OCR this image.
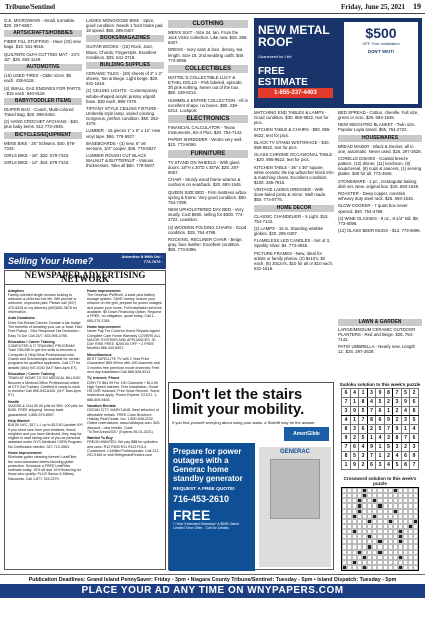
Tribune/Sentinel	Friday, June 25, 2021 19

G.E. MICROWAVE - Small, turntable. $20. 297-6557.

ARTS/CRAFTS/HOBBIES

FIBER FILL STUFFING - Have (20) new bags. $10. 531-9616.

QUILTERS OLFA CUTTING MAT - 24"x 18", $25. 693-1148.

AUTOMOTIVE

(16) USED TIRES - Older sizes. $5 each. 438-9118.

(4) SMALL GAS ENGINES FOR PARTS - $15 each. 840-9118.

BABY/TODDLER ITEMS

DIAPER BAG - Coach, Multi-colored Travel Bag. $20. 998-5452.

(2) HAND CROCHET AFGHANS - $40, plus baby items. 512 773-4945.

BICYCLES/EQUIPMENT

MENS BIKE - 26" Schwinn. $40. 579-7343.

GIRLS BIKE - 16". $20. 579-7343.

GIRLS BIKE - 12". $15. 579-7343.

LADIES MONGOOSE BIKE - Spire, good condition. Needs 1 front brake pad. 18 speed. $50. 285-0407.

BOOKS/MAGAZINES

GUITAR BOOKS - (15) Rock, Jazz, Blues, Chords, Fingerstyle. Excellent Condition. $25. 541-3718.

BUILDING SUPPLIES

CERAMIC TILES - (20) sheets of 2" x 2" sheets, Tan & Biege. Light beige. $20. 531-1616.

(2) CEILING LIGHTS - Contemporary w/tube-shaped acrylic prismy w/gold base. $30 each. 998-7479.

TIFFANY STYLE CEILING FIXTURE - Umbrella style lamp, varied coloring. Gorgeous, perfect condition. $50. 262-4276.

LUMBER - 16 pieces 1" x 6" x 12', new vinyl tape. $96. 778-5927.

BASEBOARDS - (3) new, 6" x6' sections, 3/4" cooper. $45. 778-5927.

LUMBER ROUGH CUT BLACK WALNUT & BUTTERNUT - Various thicknesses. Take all $50. 778-5927.

CLOTHING

MEN'S SUIT - Size 34, tan. From the Jack Victor collection. Like new. $25. 285-6407.

DRESS - Ivory satin & lace, dressy, tea length. Size 18, 2nd wedding outfit. $40. 773-6096.

COLLECTIBLES

MATTEL'S COLLECTIBLE LUCY & ETHEL DOLLS - Pink labeled, episode. 3ft pink nothing. Never out of the box. $80. 239-0214.

HUMMELS ENTIRE COLLECTION - All in excellent shape, no boxes. $80. 239-0214. Lockport.

ELECTRONICS

FINANCIAL CALCULATOR - Texas Instruments, BA II Plus. $20. 754-7142.

PAPER SHREDDER - Works very well. $10. 773-6096.

FURNITURE

TV STAND ON WHEELS - With glass doors. 18"H x 20"D x 35"W. $25. 297-6557.

CHAIR - Sturdy wood frame w/arms & cushions on seat/back. $20. 693-1545.

QUEEN SIZE BED - Firm mattress w/box spring & frame. Very good condition. $50. 754-7399.

NEW UPHOLSTERED DAY BED - Very sturdy. Cost $600, selling for $300. 774-2722. Lewiston.

(4) WOODEN FOLDING CHAIRS - Good condition. $25. 754-4798.

ROCKING, RECLINER CHAIR - Beige, gray, faux leather. Excellent condition. $50. 773-6396.

NEW METAL ROOF
Guaranteed for Life!
FREE ESTIMATE
1-855-237-4403
$500
OFF Your Installation
DON'T WAIT!

MATCHING END TABLES & LAMPS - Good condition. $30. 955-9622, text for pics.

KITCHEN TABLE & CHAIRS - $90. 955-9622, text for pics.

BLACK TV STAND W/STORAGE - $40. 955-9622, text for pics.

GLASS CHROME OCCASIONAL TABLE - $20. 955-9622, text for pics.

KITCHEN TABLE - 36" x 36" square, white ceramic tile top w/butcher block trim & matching chairs. Excellent condition. $100. 285-7916.

VINTAGE LADIES DRESSER - With dove-tailed joints & mirror. Well made. $50. 774-8776.

HOME DECOR

CLASSIC CHANDELIER - 5 Light. $15. 754-7142.

(2) LAMPS - 15 in. Standing w/white globes. $20. 285-0407.

FLAMELESS LED CANDLES - Set of 3, Sparkly silver. $4. 773-4945.

PICTURE FRAMES - New, Ideal for artists or family photos. (2) 8x10's, $2 each, (6) 20x24's, $10 for all or $10 each. 531-1616.

BED SPREAD - Cotton, chenille. Full size, green or ecru. $25. 693-1545.

NEW WEIGHTED BLANKET - Twin size. Popular Layla brand. $65. 754-2722.

HOUSEWARES

BREAD MAKER - Black & Decker, all in one, automatic. Never used. $25. 297-2628.

CORELLE DISHES - Coastal breeze pattern. (12) dinner, (11) luncheon, (8) soup/cereal, (8) cups & saucers, (1) serving platter. $40 for all. 773-4945.

STONEWARE - 2 pc., rectangular baking dish set. New, original box. $15. 693-1545.

ROASTER - Deep copper, nonstick w/heavy duty steel rack. $25. 693-1545.

SLOW COOKER - 7 quart box never opened. $40. 754-4798.

(4) WINE GLASSES - 8 oz., 8-1/4" tall. $8. 773-6096.

(12) GLASS BEER MUGS - $12. 773-6096.

LAWN & GARDEN

LARGE/MEDIUM CERAMIC OUTDOOR PLANTERS - Red and Beige. $25. 754-7142.

PATIO UMBRELLA - Nearly new, Length 11'. $25. 297-2628.

Selling Your Home?	Advertise It With Us! · 773-7676 ·
NEWSPAPER ADVERTISING NETWORK
Adoption
Family-oriented single woman looking to welcome a child into her life. Will provide a welcome, expenses paid. Please call (347) 470-5228 or my attorney (800)582-3678 for information.
Auto Donations
Drive Out Breast Cancer: Donate a car today! The benefits of donating your car or boat: Fast Free Pickup - 24hr Response Tax Deduction - Easy To Do! Call 24/7: 833-905-4755.
Education / Career Training
COMPUTER & IT TRAINING PROGRAM! Train ONLINE to get the skills to become a Computer & Help Desk Professional now! Grants and Scholarships available for certain programs for qualified applicants. Call CTI for details! (844) 947-0192 (M-F 8am-6pm ET).
Education / Career Training
TRAIN AT HOME TO DO MEDICAL BILLING! Become a Medical Office Professional online at CTI! Get Trained, Certified & ready to work in months! Call 855-543-6440. (M-F 8am-6pm ET).
Health
VIAGRA & CIALIS! 60 pills for $99. 100 pills for $150. FREE shipping. Money back guaranteed! 1-855-579-8907.
Help Wanted
$18.50 NYC, $17 L.I. up to $13.50 Upstate NY! If you need care from your relatives, friend, neighbor and you have Medicaid, they may be eligible to start taking care of you as personal assistant under NYS Medicaid CDPA Program. No Certificates needed. 347-713-3553.
Home Improvement
Eliminate gutter cleaning forever! LeafFilter, the most advanced debris-blocking gutter protection. Schedule a FREE LeafFilter estimate today. 15% off and 10% financing for those who qualify. PLUS Senior & Military Discounts. Call 1-877-763-2379.
Home Improvement
The Generac PWRcell, a solar plus battery storage system. SAVE money, reduce your reliance on the grid, prepare for power outages and power your home. Full installation services available. $0 Down Financing Option. Request a FREE, no obligation, quote today. Call 1-855-270-3785.
Home Improvement
Never Pay For Covered Home Repairs Again! Complete Care Home Warranty COVERS ALL MAJOR SYSTEMS AND APPLIANCES. 30 DAY RISK FREE. $200.00 OFF + 2 FREE Months! 866-440-6501.
Miscellaneous
BEST SATELLITE TV with 2 Year Price Guarantee! $59.99/mo with 190 channels and 3 months free premium movie channels! Free next day installation! Call 888-508-5313.
TV, Internet, Phone
DISH TV $64.99 For 190 Channels + $14.95 High Speed Internet. Free Installation, Smart HD DVR Included, Free Voice Remote. Some restrictions apply. Promo Expires 7/21/21. 1-888-609-9405.
Vacation Rentals
OCEAN CITY, MARYLAND. Best selection of affordable rentals. FREE Color Brochure. Holiday Real Estate, Inc: 1-800-638-2102. Online reservations: www.holidayoc.com. $25 discount - new rentals. Code: "ToTheOcean2021" (Expires 06-01-2021).
Wanted To Buy
FREON WANTED: We pay $$$ for cylinders and cans. R12 R500 R11 R113 R114. Convenient. Certified Professionals. Call 312-291-9169 or visit RefrigerantFinders.com
Don't let the stairs limit your mobility.
If you find yourself worrying about using your stairs, a Stairlift may be the answer.
AmeriGlide
Prepare for power outages with a Generac home standby generator
REQUEST A FREE QUOTE!
716-453-2610
FREE
7-Year Extended Warranty* A $695 Value!
Limited Time Offer - Call for Details
GENERAC
Sudoku solution to this week's puzzle
6	4	1	3	9	8	7	5	2
7	1	8	4	5	2	3	9	6
3	9	5	7	6	1	2	4	8
4	1	7	8	6	9	2	3	5
8	3	6	2	5	7	9	1	4
9	2	5	1	4	3	8	7	6
7	6	4	9	1	5	3	2	3
8	5	3	7	1	2	4	6	9
1	9	2	6	3	4	5	8	7
Crossword solution to this week's puzzle
Publication Deadlines: Grand Island PennySaver: Friday - 3pm • Niagara County Tribune/Sentinel: Tuesday - 5pm • Island Dispatch: Tuesday - 5pm
PLACE YOUR AD ANY TIME ON WNYPAPERS.COM
